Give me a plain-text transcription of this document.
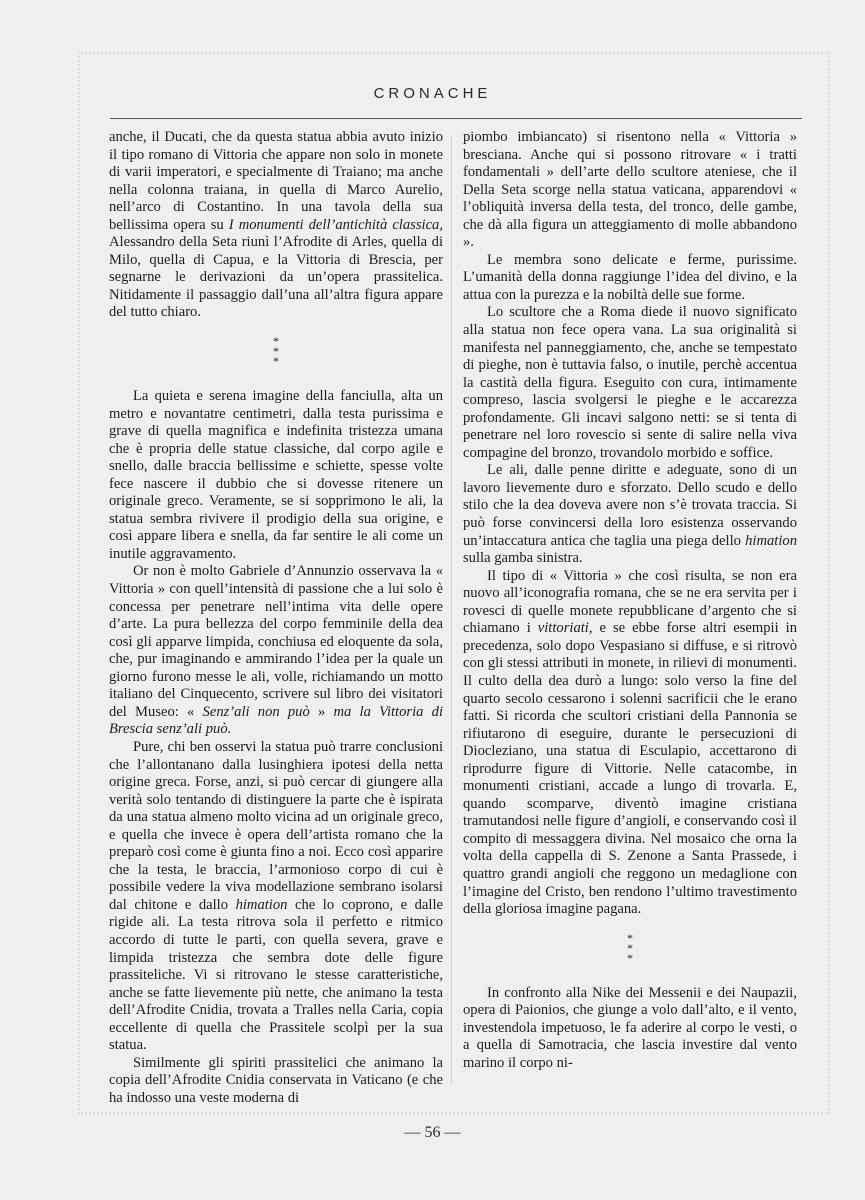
CRONACHE

anche, il Ducati, che da questa statua abbia avuto inizio il tipo romano di Vittoria che appare non solo in monete di varii imperatori, e specialmente di Traiano; ma anche nella colonna traiana, in quella di Marco Aurelio, nell’arco di Costantino. In una tavola della sua bellissima opera su I monumenti dell’antichità classica, Alessandro della Seta riunì l’Afrodite di Arles, quella di Milo, quella di Capua, e la Vittoria di Brescia, per segnarne le derivazioni da un’opera prassitelica. Nitidamente il passaggio dall’una all’altra figura appare del tutto chiaro.

*
*
*

La quieta e serena imagine della fanciulla, alta un metro e novantatre centimetri, dalla testa purissima e grave di quella magnifica e indefinita tristezza umana che è propria delle statue classiche, dal corpo agile e snello, dalle braccia bellissime e schiette, spesse volte fece nascere il dubbio che si dovesse ritenere un originale greco. Veramente, se si sopprimono le ali, la statua sembra rivivere il prodigio della sua origine, e così appare libera e snella, da far sentire le ali come un inutile aggravamento.

Or non è molto Gabriele d’Annunzio osservava la « Vittoria » con quell’intensità di passione che a lui solo è concessa per penetrare nell’intima vita delle opere d’arte. La pura bellezza del corpo femminile della dea così gli apparve limpida, conchiusa ed eloquente da sola, che, pur imaginando e ammirando l’idea per la quale un giorno furono messe le ali, volle, richiamando un motto italiano del Cinquecento, scrivere sul libro dei visitatori del Museo: « Senz’ali non può » ma la Vittoria di Brescia senz’ali può.

Pure, chi ben osservi la statua può trarre conclusioni che l’allontanano dalla lusinghiera ipotesi della netta origine greca. Forse, anzi, si può cercar di giungere alla verità solo tentando di distinguere la parte che è ispirata da una statua almeno molto vicina ad un originale greco, e quella che invece è opera dell’artista romano che la preparò così come è giunta fino a noi. Ecco così apparire che la testa, le braccia, l’armonioso corpo di cui è possibile vedere la viva modellazione sembrano isolarsi dal chitone e dallo himation che lo coprono, e dalle rigide ali. La testa ritrova sola il perfetto e ritmico accordo di tutte le parti, con quella severa, grave e limpida tristezza che sembra dote delle figure prassiteliche. Vi si ritrovano le stesse caratteristiche, anche se fatte lievemente più nette, che animano la testa dell’Afrodite Cnidia, trovata a Tralles nella Caria, copia eccellente di quella che Prassitele scolpì per la sua statua.

Similmente gli spiriti prassitelici che animano la copia dell’Afrodite Cnidia conservata in Vaticano (e che ha indosso una veste moderna di

piombo imbiancato) si risentono nella « Vittoria » bresciana. Anche qui si possono ritrovare « i tratti fondamentali » dell’arte dello scultore ateniese, che il Della Seta scorge nella statua vaticana, apparendovi « l’obliquità inversa della testa, del tronco, delle gambe, che dà alla figura un atteggiamento di molle abbandono ».

Le membra sono delicate e ferme, purissime. L’umanità della donna raggiunge l’idea del divino, e la attua con la purezza e la nobiltà delle sue forme.

Lo scultore che a Roma diede il nuovo significato alla statua non fece opera vana. La sua originalità si manifesta nel panneggiamento, che, anche se tempestato di pieghe, non è tuttavia falso, o inutile, perchè accentua la castità della figura. Eseguito con cura, intimamente compreso, lascia svolgersi le pieghe e le accarezza profondamente. Gli incavi salgono netti: se si tenta di penetrare nel loro rovescio si sente di salire nella viva compagine del bronzo, trovandolo morbido e soffice.

Le ali, dalle penne diritte e adeguate, sono di un lavoro lievemente duro e sforzato. Dello scudo e dello stilo che la dea doveva avere non s’è trovata traccia. Si può forse convincersi della loro esistenza osservando un’intaccatura antica che taglia una piega dello himation sulla gamba sinistra.

Il tipo di « Vittoria » che così risulta, se non era nuovo all’iconografia romana, che se ne era servita per i rovesci di quelle monete repubblicane d’argento che si chiamano i vittoriati, e se ebbe forse altri esempii in precedenza, solo dopo Vespasiano si diffuse, e si ritrovò con gli stessi attributi in monete, in rilievi di monumenti. Il culto della dea durò a lungo: solo verso la fine del quarto secolo cessarono i solenni sacrificii che le erano fatti. Si ricorda che scultori cristiani della Pannonia se rifiutarono di eseguire, durante le persecuzioni di Diocleziano, una statua di Esculapio, accettarono di riprodurre figure di Vittorie. Nelle catacombe, in monumenti cristiani, accade a lungo di trovarla. E, quando scomparve, diventò imagine cristiana tramutandosi nelle figure d’angioli, e conservando così il compito di messaggera divina. Nel mosaico che orna la volta della cappella di S. Zenone a Santa Prassede, i quattro grandi angioli che reggono un medaglione con l’imagine del Cristo, ben rendono l’ultimo travestimento della gloriosa imagine pagana.

*
*
*

In confronto alla Nike dei Messenii e dei Naupazii, opera di Paionios, che giunge a volo dall’alto, e il vento, investendola impetuoso, le fa aderire al corpo le vesti, o a quella di Samotracia, che lascia investire dal vento marino il corpo ni-

— 56 —
